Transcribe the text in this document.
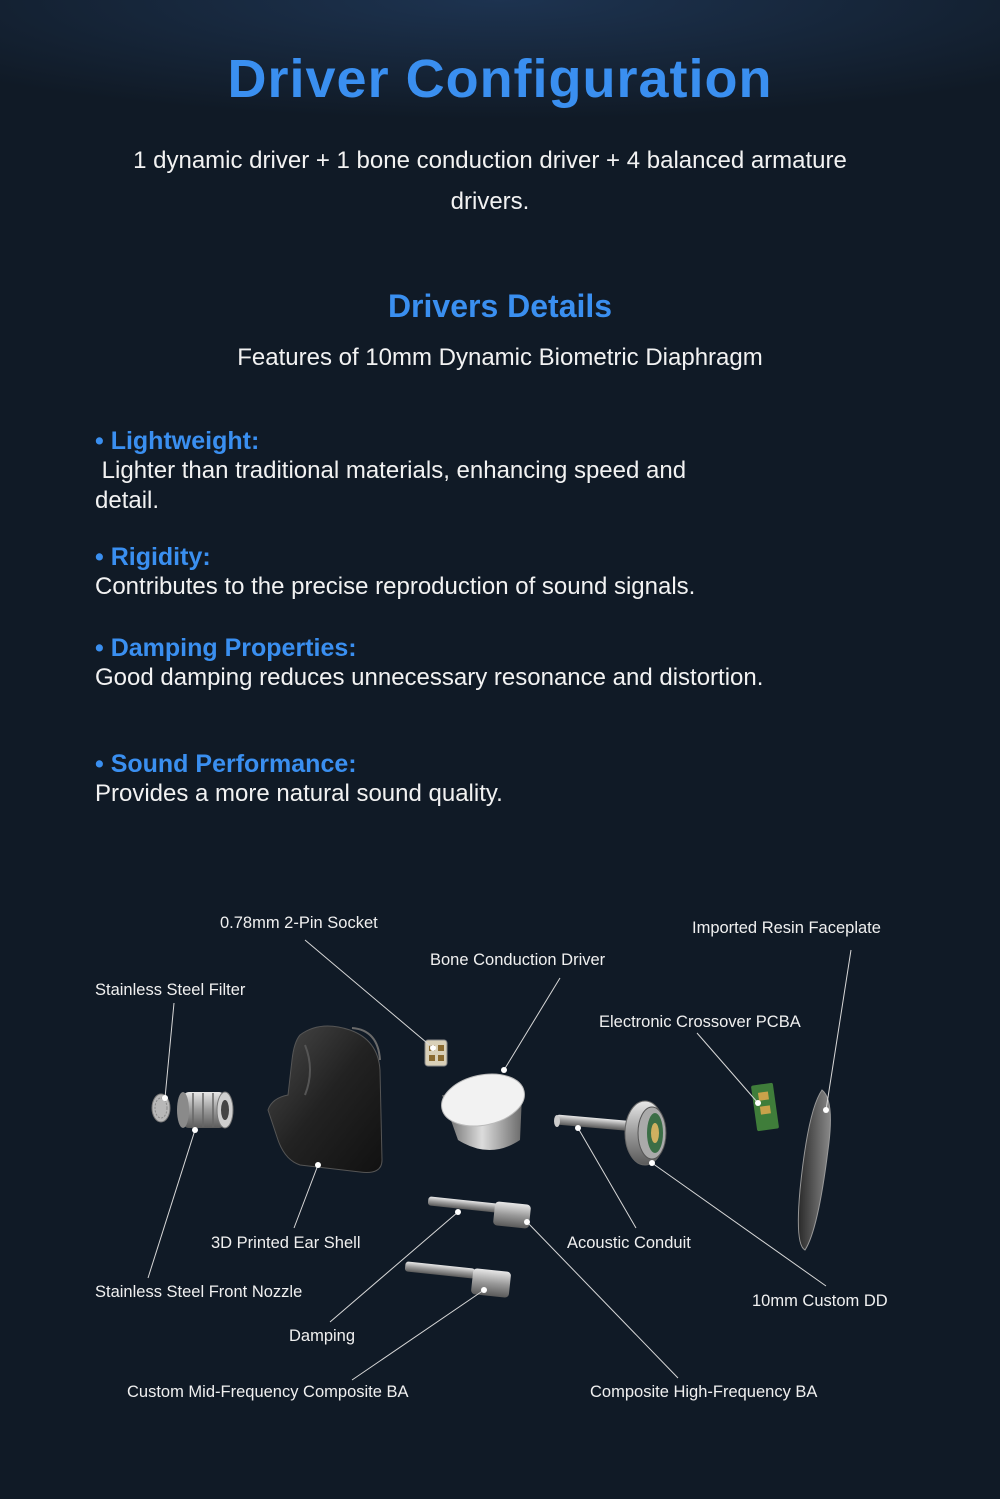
Driver Configuration

1 dynamic driver + 1 bone conduction driver + 4 balanced armature drivers.

Drivers Details

Features of 10mm Dynamic Biometric Diaphragm

• Lightweight:
Lighter than traditional materials, enhancing speed and detail.
• Rigidity:
Contributes to the precise reproduction of sound signals.
• Damping Properties:
Good damping reduces unnecessary resonance and distortion.
• Sound Performance:
Provides a more natural sound quality.
0.78mm 2-Pin Socket	Imported Resin Faceplate
Bone Conduction Driver
Stainless Steel Filter
Electronic Crossover PCBA
3D Printed Ear Shell	Acoustic Conduit
Stainless Steel Front Nozzle	10mm Custom DD
Damping
Custom Mid-Frequency Composite BA	Composite High-Frequency BA
